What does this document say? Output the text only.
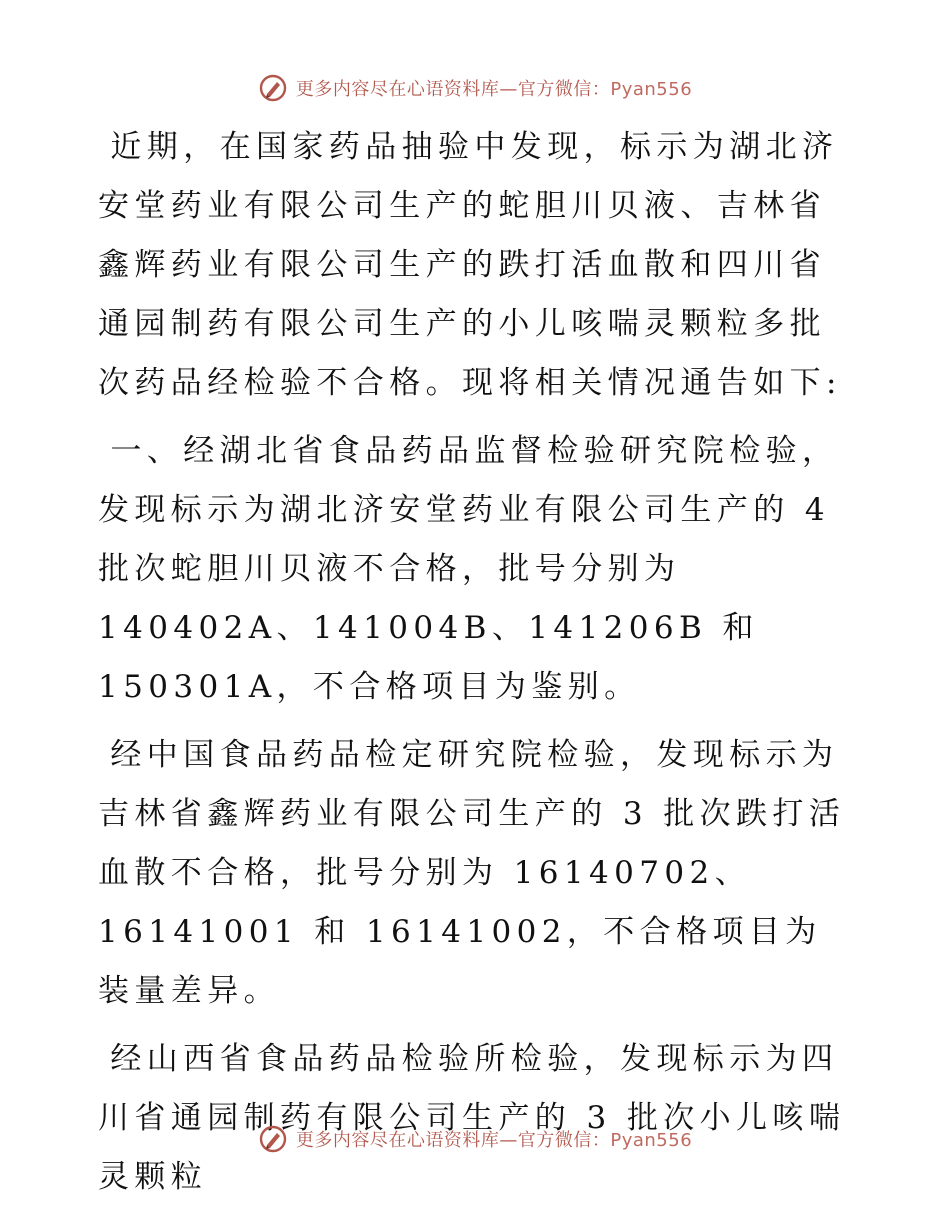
更多内容尽在心语资料库—官方微信：Pyan556

近期，在国家药品抽验中发现，标示为湖北济安堂药业有限公司生产的蛇胆川贝液、吉林省鑫辉药业有限公司生产的跌打活血散和四川省通园制药有限公司生产的小儿咳喘灵颗粒多批次药品经检验不合格。现将相关情况通告如下:

一、经湖北省食品药品监督检验研究院检验，发现标示为湖北济安堂药业有限公司生产的 4 批次蛇胆川贝液不合格，批号分别为 140402A、141004B、141206B 和 150301A，不合格项目为鉴别。

经中国食品药品检定研究院检验，发现标示为吉林省鑫辉药业有限公司生产的 3 批次跌打活血散不合格，批号分别为 16140702、16141001 和 16141002，不合格项目为装量差异。

经山西省食品药品检验所检验，发现标示为四川省通园制药有限公司生产的 3 批次小儿咳喘灵颗粒

更多内容尽在心语资料库—官方微信：Pyan556
